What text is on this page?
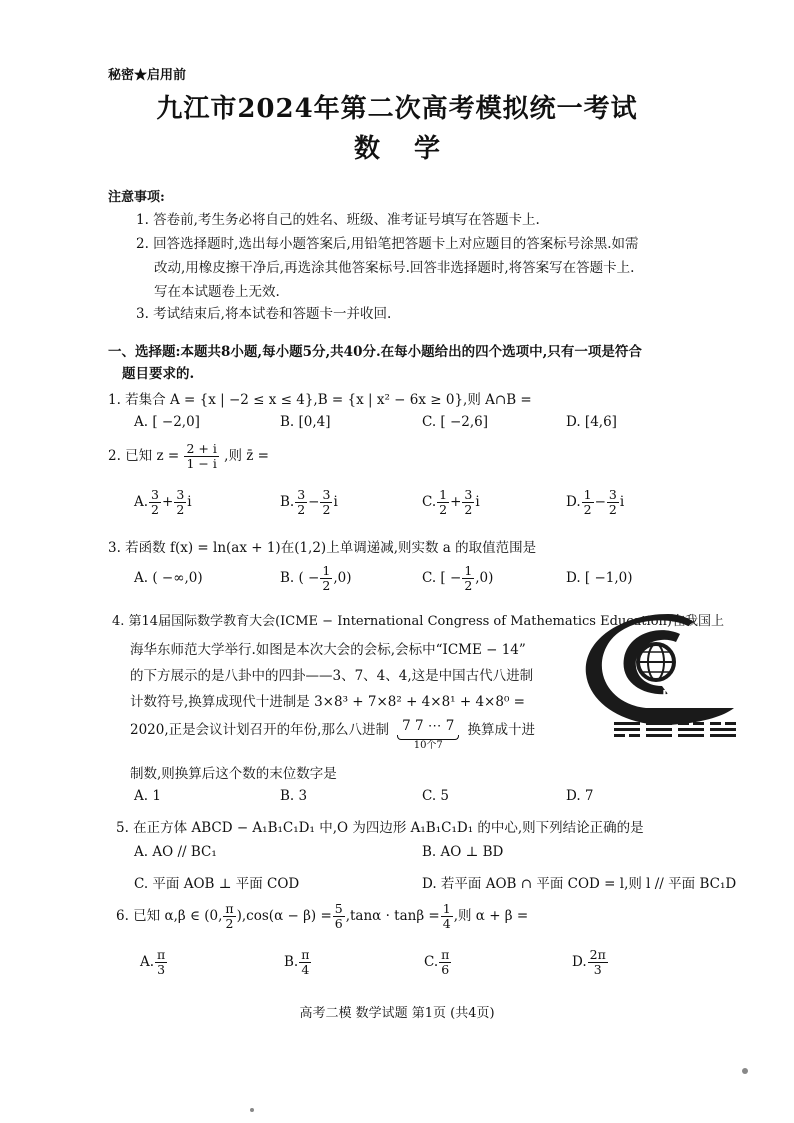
秘密★启用前
九江市2024年第二次高考模拟统一考试
数学
注意事项:
1. 答卷前,考生务必将自己的姓名、班级、准考证号填写在答题卡上.
2. 回答选择题时,选出每小题答案后,用铅笔把答题卡上对应题目的答案标号涂黑.如需
改动,用橡皮擦干净后,再选涂其他答案标号.回答非选择题时,将答案写在答题卡上.
写在本试题卷上无效.
3. 考试结束后,将本试卷和答题卡一并收回.
一、选择题:本题共8小题,每小题5分,共40分.在每小题给出的四个选项中,只有一项是符合
题目要求的.
1. 若集合 A = {x | −2 ≤ x ≤ 4},B = {x | x² − 6x ≥ 0},则 A∩B =
A. [ −2,0]	B. [0,4]	C. [ −2,6]	D. [4,6]
2. 已知 $z = \frac{2 + i}{1 - i}$ ,则 z̄ =
A. $\frac{3}{2} + \frac{3}{2}$ i	B. $\frac{3}{2} - \frac{3}{2}$ i	C. $\frac{1}{2} + \frac{3}{2}$ i	D. $\frac{1}{2} - \frac{3}{2}$ i
3. 若函数 f(x) = ln(ax + 1)在(1,2)上单调递减,则实数 a 的取值范围是
A. ( −∞,0)	B. ( − $\frac{1}{2} ,0$)	C. [ − $\frac{1}{2} ,0$)	D. [ −1,0)
4. 第14届国际数学教育大会(ICME − International Congress of Mathematics Education)在我国上
海华东师范大学举行.如图是本次大会的会标,会标中“ICME − 14”
的下方展示的是八卦中的四卦——3、7、4、4,这是中国古代八进制
计数符号,换算成现代十进制是 3×8³ + 7×8² + 4×8¹ + 4×8⁰ =
2020,正是会议计划召开的年份,那么八进制 7 7 ⋯ 7
10个7
换算成十进
制数,则换算后这个数的末位数字是
ICME-14
A. 1	B. 3	C. 5	D. 7
5. 在正方体 ABCD − A₁B₁C₁D₁ 中,O 为四边形 A₁B₁C₁D₁ 的中心,则下列结论正确的是
A. AO // BC₁	B. AO ⊥ BD
C. 平面 AOB ⊥ 平面 COD	D. 若平面 AOB ∩ 平面 COD = l,则 l // 平面 BC₁D
6. 已知 α,β ∈ (0, $\frac{\pi}{2} ),\cos(\alpha - \beta) = \frac{5}{6} ,\tan\alpha \cdot \tan\beta = \frac{1}{4}$ ,则 α + β =
A. $\frac{\pi}{3}$	B. $\frac{\pi}{4}$	C. $\frac{\pi}{6}$	D. $\frac{2\pi}{3}$
高考二模 数学试题 第1页 (共4页)
